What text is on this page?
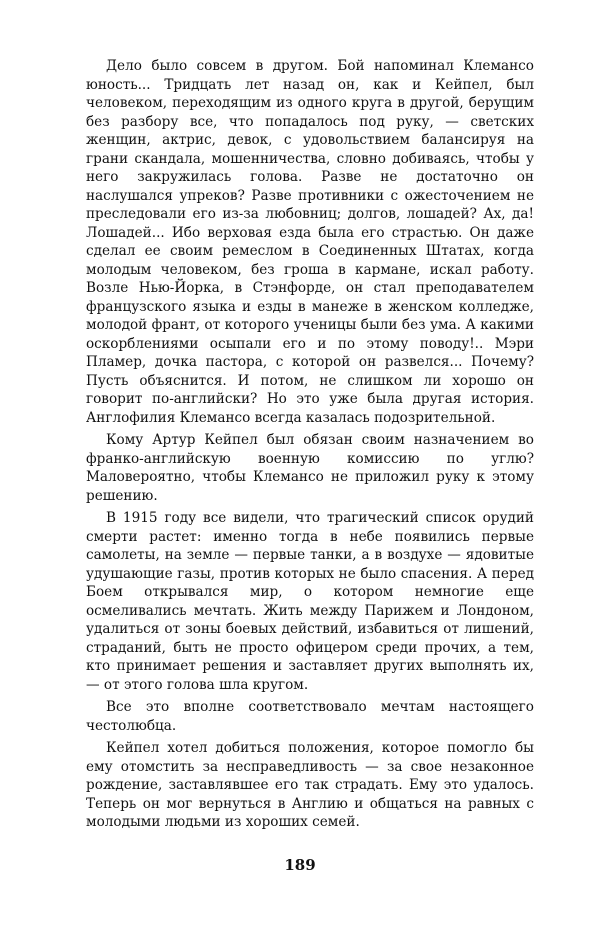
Дело было совсем в другом. Бой напоминал Клемансо юность... Тридцать лет назад он, как и Кейпел, был человеком, переходящим из одного круга в другой, берущим без разбору все, что попадалось под руку, — светских женщин, актрис, девок, с удовольствием балансируя на грани скандала, мошенничества, словно добиваясь, чтобы у него закружилась голова. Разве не достаточно он наслушался упреков? Разве противники с ожесточением не преследовали его из-за любовниц; долгов, лошадей? Ах, да! Лошадей... Ибо верховая езда была его страстью. Он даже сделал ее своим ремеслом в Соединенных Штатах, когда молодым человеком, без гроша в кармане, искал работу. Возле Нью-Йорка, в Стэнфорде, он стал преподавателем французского языка и езды в манеже в женском колледже, молодой франт, от которого ученицы были без ума. А какими оскорблениями осыпали его и по этому поводу!.. Мэри Пламер, дочка пастора, с которой он развелся... Почему? Пусть объяснится. И потом, не слишком ли хорошо он говорит по-английски? Но это уже была другая история. Англофилия Клемансо всегда казалась подозрительной.

Кому Артур Кейпел был обязан своим назначением во франко-английскую военную комиссию по углю? Маловероятно, чтобы Клемансо не приложил руку к этому решению.

В 1915 году все видели, что трагический список орудий смерти растет: именно тогда в небе появились первые самолеты, на земле — первые танки, а в воздухе — ядовитые удушающие газы, против которых не было спасения. А перед Боем открывался мир, о котором немногие еще осмеливались мечтать. Жить между Парижем и Лондоном, удалиться от зоны боевых действий, избавиться от лишений, страданий, быть не просто офицером среди прочих, а тем, кто принимает решения и заставляет других выполнять их, — от этого голова шла кругом.

Все это вполне соответствовало мечтам настоящего честолюбца.

Кейпел хотел добиться положения, которое помогло бы ему отомстить за несправедливость — за свое незаконное рождение, заставлявшее его так страдать. Ему это удалось. Теперь он мог вернуться в Англию и общаться на равных с молодыми людьми из хороших семей.

189
